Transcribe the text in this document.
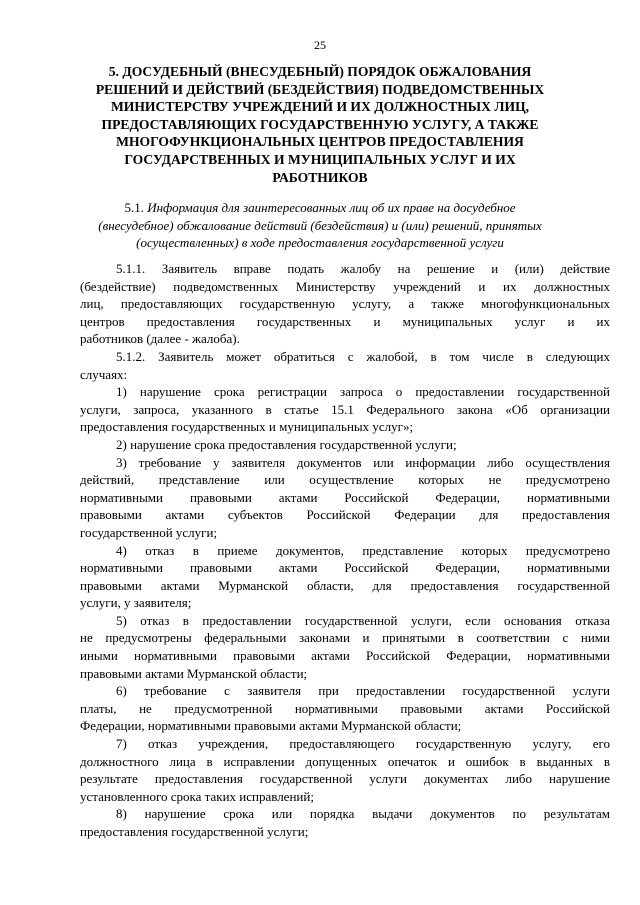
25
5. ДОСУДЕБНЫЙ (ВНЕСУДЕБНЫЙ) ПОРЯДОК ОБЖАЛОВАНИЯ
РЕШЕНИЙ И ДЕЙСТВИЙ (БЕЗДЕЙСТВИЯ) ПОДВЕДОМСТВЕННЫХ
МИНИСТЕРСТВУ УЧРЕЖДЕНИЙ И ИХ ДОЛЖНОСТНЫХ ЛИЦ,
ПРЕДОСТАВЛЯЮЩИХ ГОСУДАРСТВЕННУЮ УСЛУГУ, А ТАКЖЕ
МНОГОФУНКЦИОНАЛЬНЫХ ЦЕНТРОВ ПРЕДОСТАВЛЕНИЯ
ГОСУДАРСТВЕННЫХ И МУНИЦИПАЛЬНЫХ УСЛУГ И ИХ
РАБОТНИКОВ
5.1. Информация для заинтересованных лиц об их праве на досудебное
(внесудебное) обжалование действий (бездействия) и (или) решений, принятых
(осуществленных) в ходе предоставления государственной услуги
5.1.1. Заявитель вправе подать жалобу на решение и (или) действие
(бездействие) подведомственных Министерству учреждений и их должностных
лиц, предоставляющих государственную услугу, а также многофункциональных
центров предоставления государственных и муниципальных услуг и их
работников (далее - жалоба).
5.1.2. Заявитель может обратиться с жалобой, в том числе в следующих
случаях:
1) нарушение срока регистрации запроса о предоставлении государственной
услуги, запроса, указанного в статье 15.1 Федерального закона «Об организации
предоставления государственных и муниципальных услуг»;
2) нарушение срока предоставления государственной услуги;
3) требование у заявителя документов или информации либо осуществления
действий, представление или осуществление которых не предусмотрено
нормативными правовыми актами Российской Федерации, нормативными
правовыми актами субъектов Российской Федерации для предоставления
государственной услуги;
4) отказ в приеме документов, представление которых предусмотрено
нормативными правовыми актами Российской Федерации, нормативными
правовыми актами Мурманской области, для предоставления государственной
услуги, у заявителя;
5) отказ в предоставлении государственной услуги, если основания отказа
не предусмотрены федеральными законами и принятыми в соответствии с ними
иными нормативными правовыми актами Российской Федерации, нормативными
правовыми актами Мурманской области;
6) требование с заявителя при предоставлении государственной услуги
платы, не предусмотренной нормативными правовыми актами Российской
Федерации, нормативными правовыми актами Мурманской области;
7) отказ учреждения, предоставляющего государственную услугу, его
должностного лица в исправлении допущенных опечаток и ошибок в выданных в
результате предоставления государственной услуги документах либо нарушение
установленного срока таких исправлений;
8) нарушение срока или порядка выдачи документов по результатам
предоставления государственной услуги;
